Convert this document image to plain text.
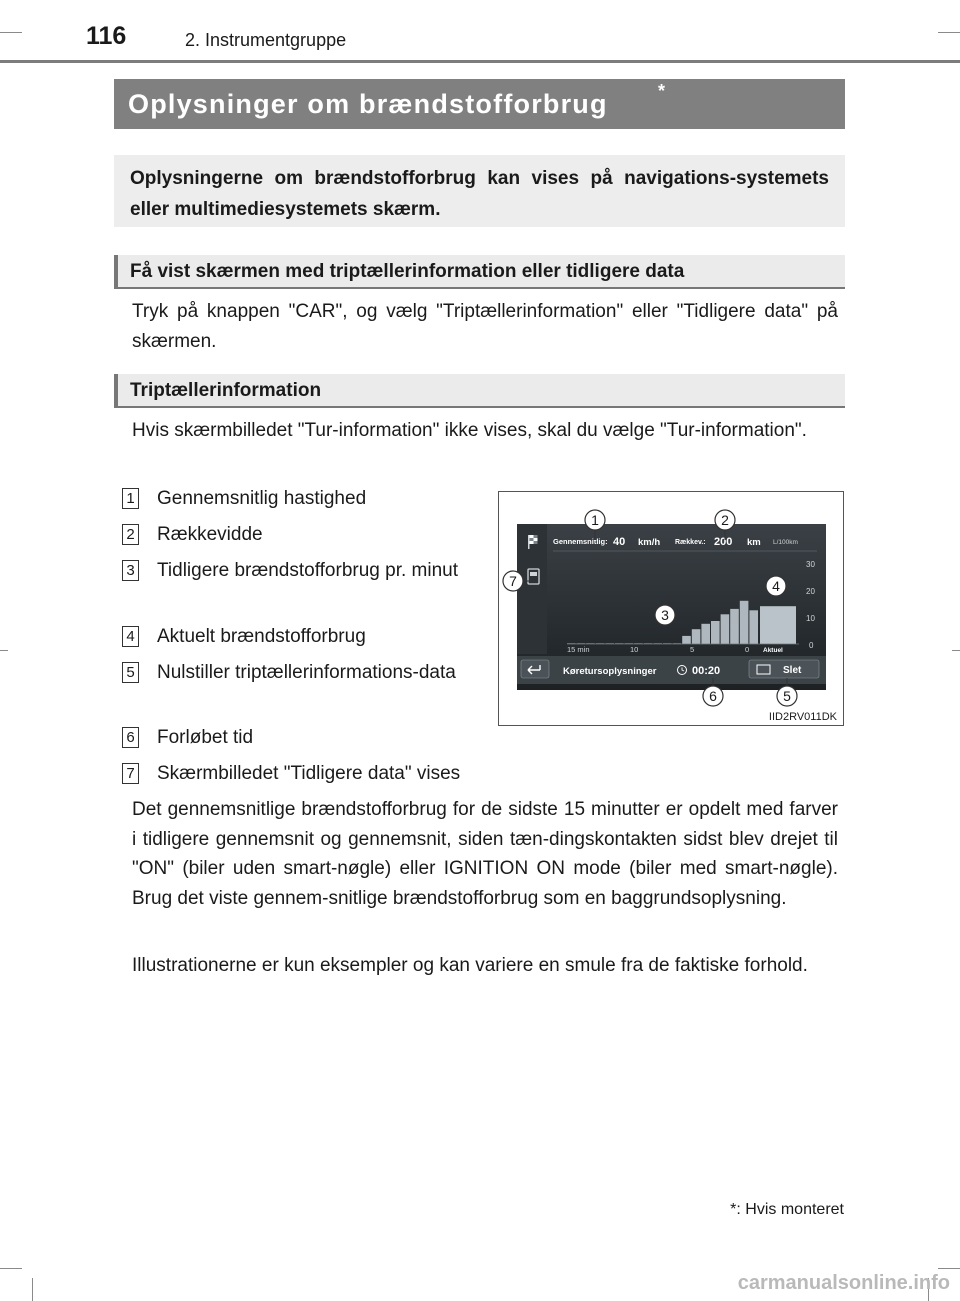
116	2. Instrumentgruppe
Oplysninger om brændstofforbrug	*
Oplysningerne om brændstofforbrug kan vises på navigations-systemets eller multimediesystemets skærm.
Få vist skærmen med triptællerinformation eller tidligere data
Tryk på knappen "CAR", og vælg "Triptællerinformation" eller "Tidligere data" på skærmen.
Triptællerinformation
Hvis skærmbilledet "Tur-information" ikke vises, skal du vælge "Tur-information".
1 Gennemsnitlig hastighed
2 Rækkevidde
3 Tidligere brændstofforbrug pr. minut
4 Aktuelt brændstofforbrug
5 Nulstiller triptællerinformations-data
6 Forløbet tid
7 Skærmbilledet "Tidligere data" vises
Gennemsnitlig: 40 km/h Rækkev.: 200 km L/100km
30
20
10
0
15 min	10	5	0 Aktuel
Køretursoplysninger	00:20	Slet
1	2
3
4
5
6
7
IID2RV011DK
Det gennemsnitlige brændstofforbrug for de sidste 15 minutter er opdelt med farver i tidligere gennemsnit og gennemsnit, siden tæn-dingskontakten sidst blev drejet til "ON" (biler uden smart-nøgle) eller IGNITION ON mode (biler med smart-nøgle). Brug det viste gennem-snitlige brændstofforbrug som en baggrundsoplysning.
Illustrationerne er kun eksempler og kan variere en smule fra de faktiske forhold.
*: Hvis monteret
carmanualsonline.info
